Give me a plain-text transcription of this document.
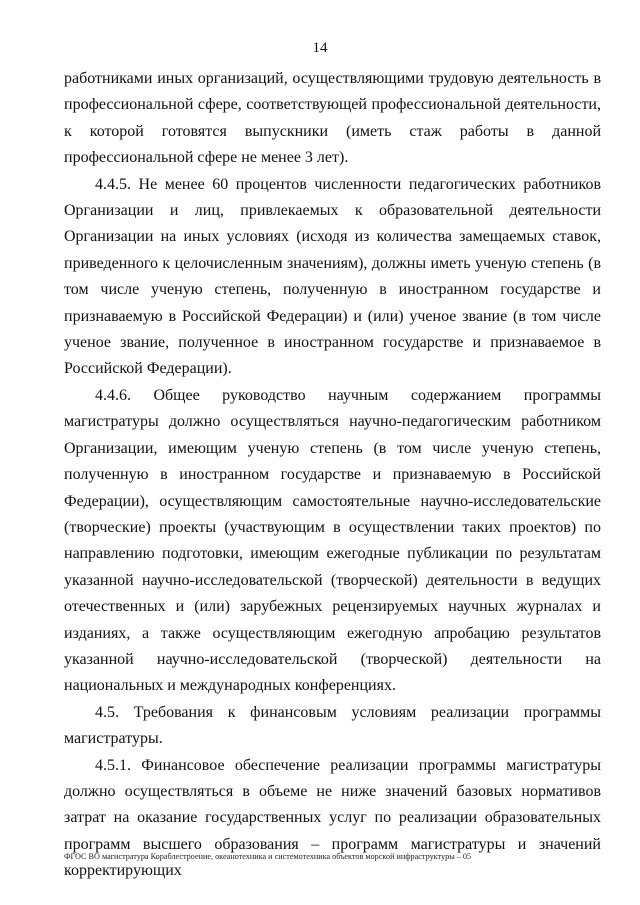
14

работниками иных организаций, осуществляющими трудовую деятельность в профессиональной сфере, соответствующей профессиональной деятельности, к которой готовятся выпускники (иметь стаж работы в данной профессиональной сфере не менее 3 лет).

4.4.5. Не менее 60 процентов численности педагогических работников Организации и лиц, привлекаемых к образовательной деятельности Организации на иных условиях (исходя из количества замещаемых ставок, приведенного к целочисленным значениям), должны иметь ученую степень (в том числе ученую степень, полученную в иностранном государстве и признаваемую в Российской Федерации) и (или) ученое звание (в том числе ученое звание, полученное в иностранном государстве и признаваемое в Российской Федерации).

4.4.6. Общее руководство научным содержанием программы магистратуры должно осуществляться научно-педагогическим работником Организации, имеющим ученую степень (в том числе ученую степень, полученную в иностранном государстве и признаваемую в Российской Федерации), осуществляющим самостоятельные научно-исследовательские (творческие) проекты (участвующим в осуществлении таких проектов) по направлению подготовки, имеющим ежегодные публикации по результатам указанной научно-исследовательской (творческой) деятельности в ведущих отечественных и (или) зарубежных рецензируемых научных журналах и изданиях, а также осуществляющим ежегодную апробацию результатов указанной научно-исследовательской (творческой) деятельности на национальных и международных конференциях.

4.5. Требования к финансовым условиям реализации программы магистратуры.

4.5.1. Финансовое обеспечение реализации программы магистратуры должно осуществляться в объеме не ниже значений базовых нормативов затрат на оказание государственных услуг по реализации образовательных программ высшего образования – программ магистратуры и значений корректирующих

ФГОС ВО магистратура Кораблестроение, океанотехника и системотехника объектов морской инфраструктуры – 05
